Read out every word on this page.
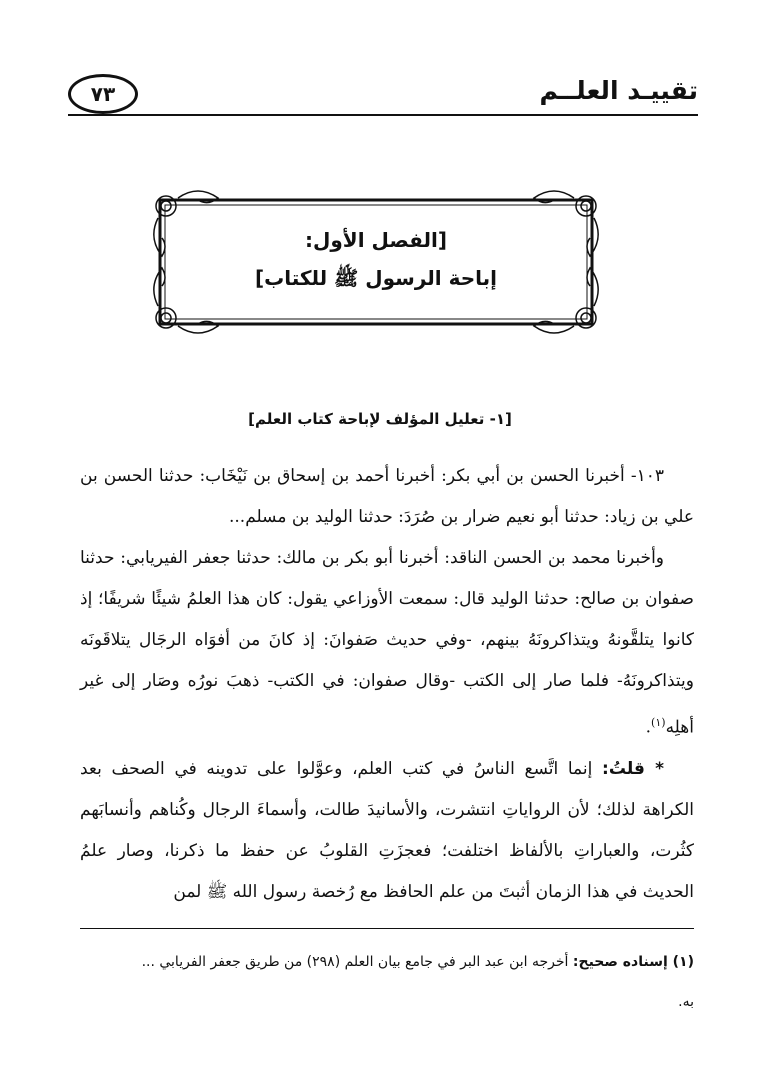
تقييـد العلــم
٧٣
[الفصل الأول:
إباحة الرسول ﷺ للكتاب]
[١- تعليل المؤلف لإباحة كتاب العلم]

١٠٣- أخبرنا الحسن بن أبي بكر: أخبرنا أحمد بن إسحاق بن نَيْخَاب: حدثنا الحسن بن علي بن زياد: حدثنا أبو نعيم ضرار بن صُرَدَ: حدثنا الوليد بن مسلم...

وأخبرنا محمد بن الحسن الناقد: أخبرنا أبو بكر بن مالك: حدثنا جعفر الفيريابي: حدثنا صفوان بن صالح: حدثنا الوليد قال: سمعت الأوزاعي يقول: كان هذا العلمُ شيئًا شريفًا؛ إذ كانوا يتلقَّونهُ ويتذاكرونَهُ بينهم، -وفي حديث صَفوانَ: إذ كانَ من أفوَاه الرجَال يتلاقَونَه ويتذاكرونَهُ- فلما صار إلى الكتب -وقال صفوان: في الكتب- ذهبَ نورُه وصَار إلى غير أهلِه$^{(١)}$.

* قلتُ: إنما اتَّسع الناسُ في كتب العلم، وعوَّلوا على تدوينه في الصحف بعد الكراهة لذلك؛ لأن الرواياتِ انتشرت، والأسانيدَ طالت، وأسماءَ الرجال وكُناهم وأنسابَهم كثُرت، والعباراتِ بالألفاظ اختلفت؛ فعجزَتِ القلوبُ عن حفظ ما ذكرنا، وصار علمُ الحديث في هذا الزمان أثبتَ من علم الحافظ مع رُخصة رسول الله ﷺ لمن

(١) إسناده صحيح: أخرجه ابن عبد البر في جامع بيان العلم (٢٩٨) من طريق جعفر الفريابي ...

به.
